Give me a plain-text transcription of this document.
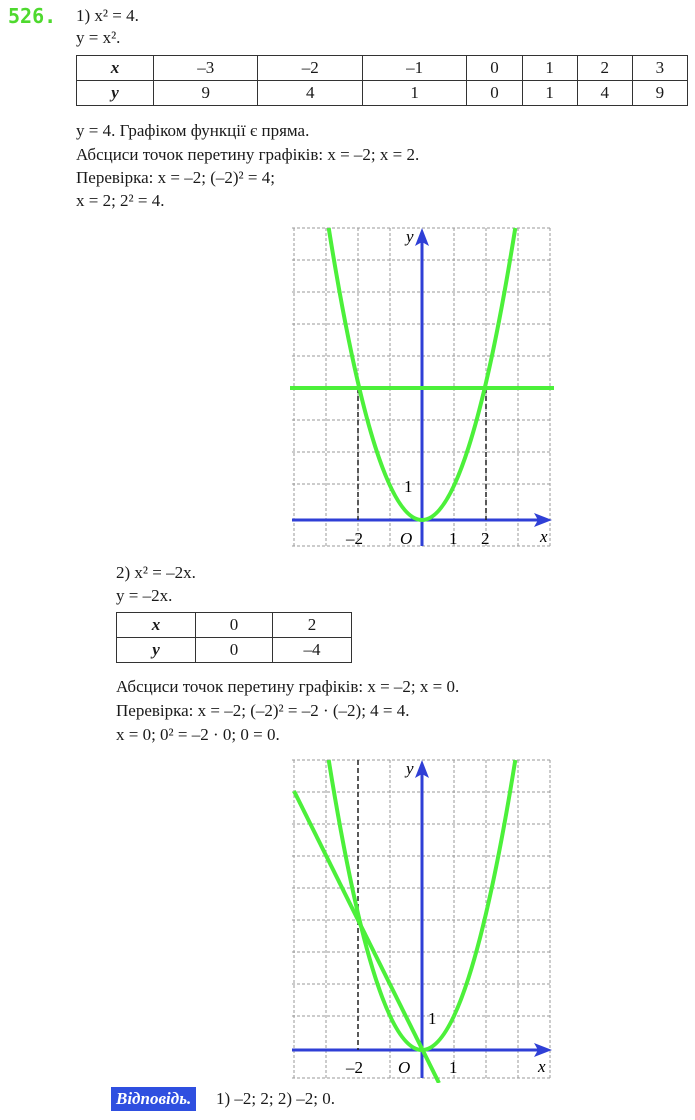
526. 1) x² = 4.
y = x².
x	–3	–2	–1	0	1	2	3
y	9	4	1	0	1	4	9
y = 4. Графіком функції є пряма.
Абсциси точок перетину графіків: x = –2; x = 2.
Перевірка: x = –2; (–2)² = 4;
x = 2; 2² = 4.
y
x
O
–2	1 2
1
2) x² = –2x.
y = –2x.
x	0	2
y	0	–4
Абсциси точок перетину графіків: x = –2; x = 0.
Перевірка: x = –2; (–2)² = –2 · (–2); 4 = 4.
x = 0; 0² = –2 · 0; 0 = 0.
y
x
O
–2	1
1
Відповідь. 1) –2; 2; 2) –2; 0.
